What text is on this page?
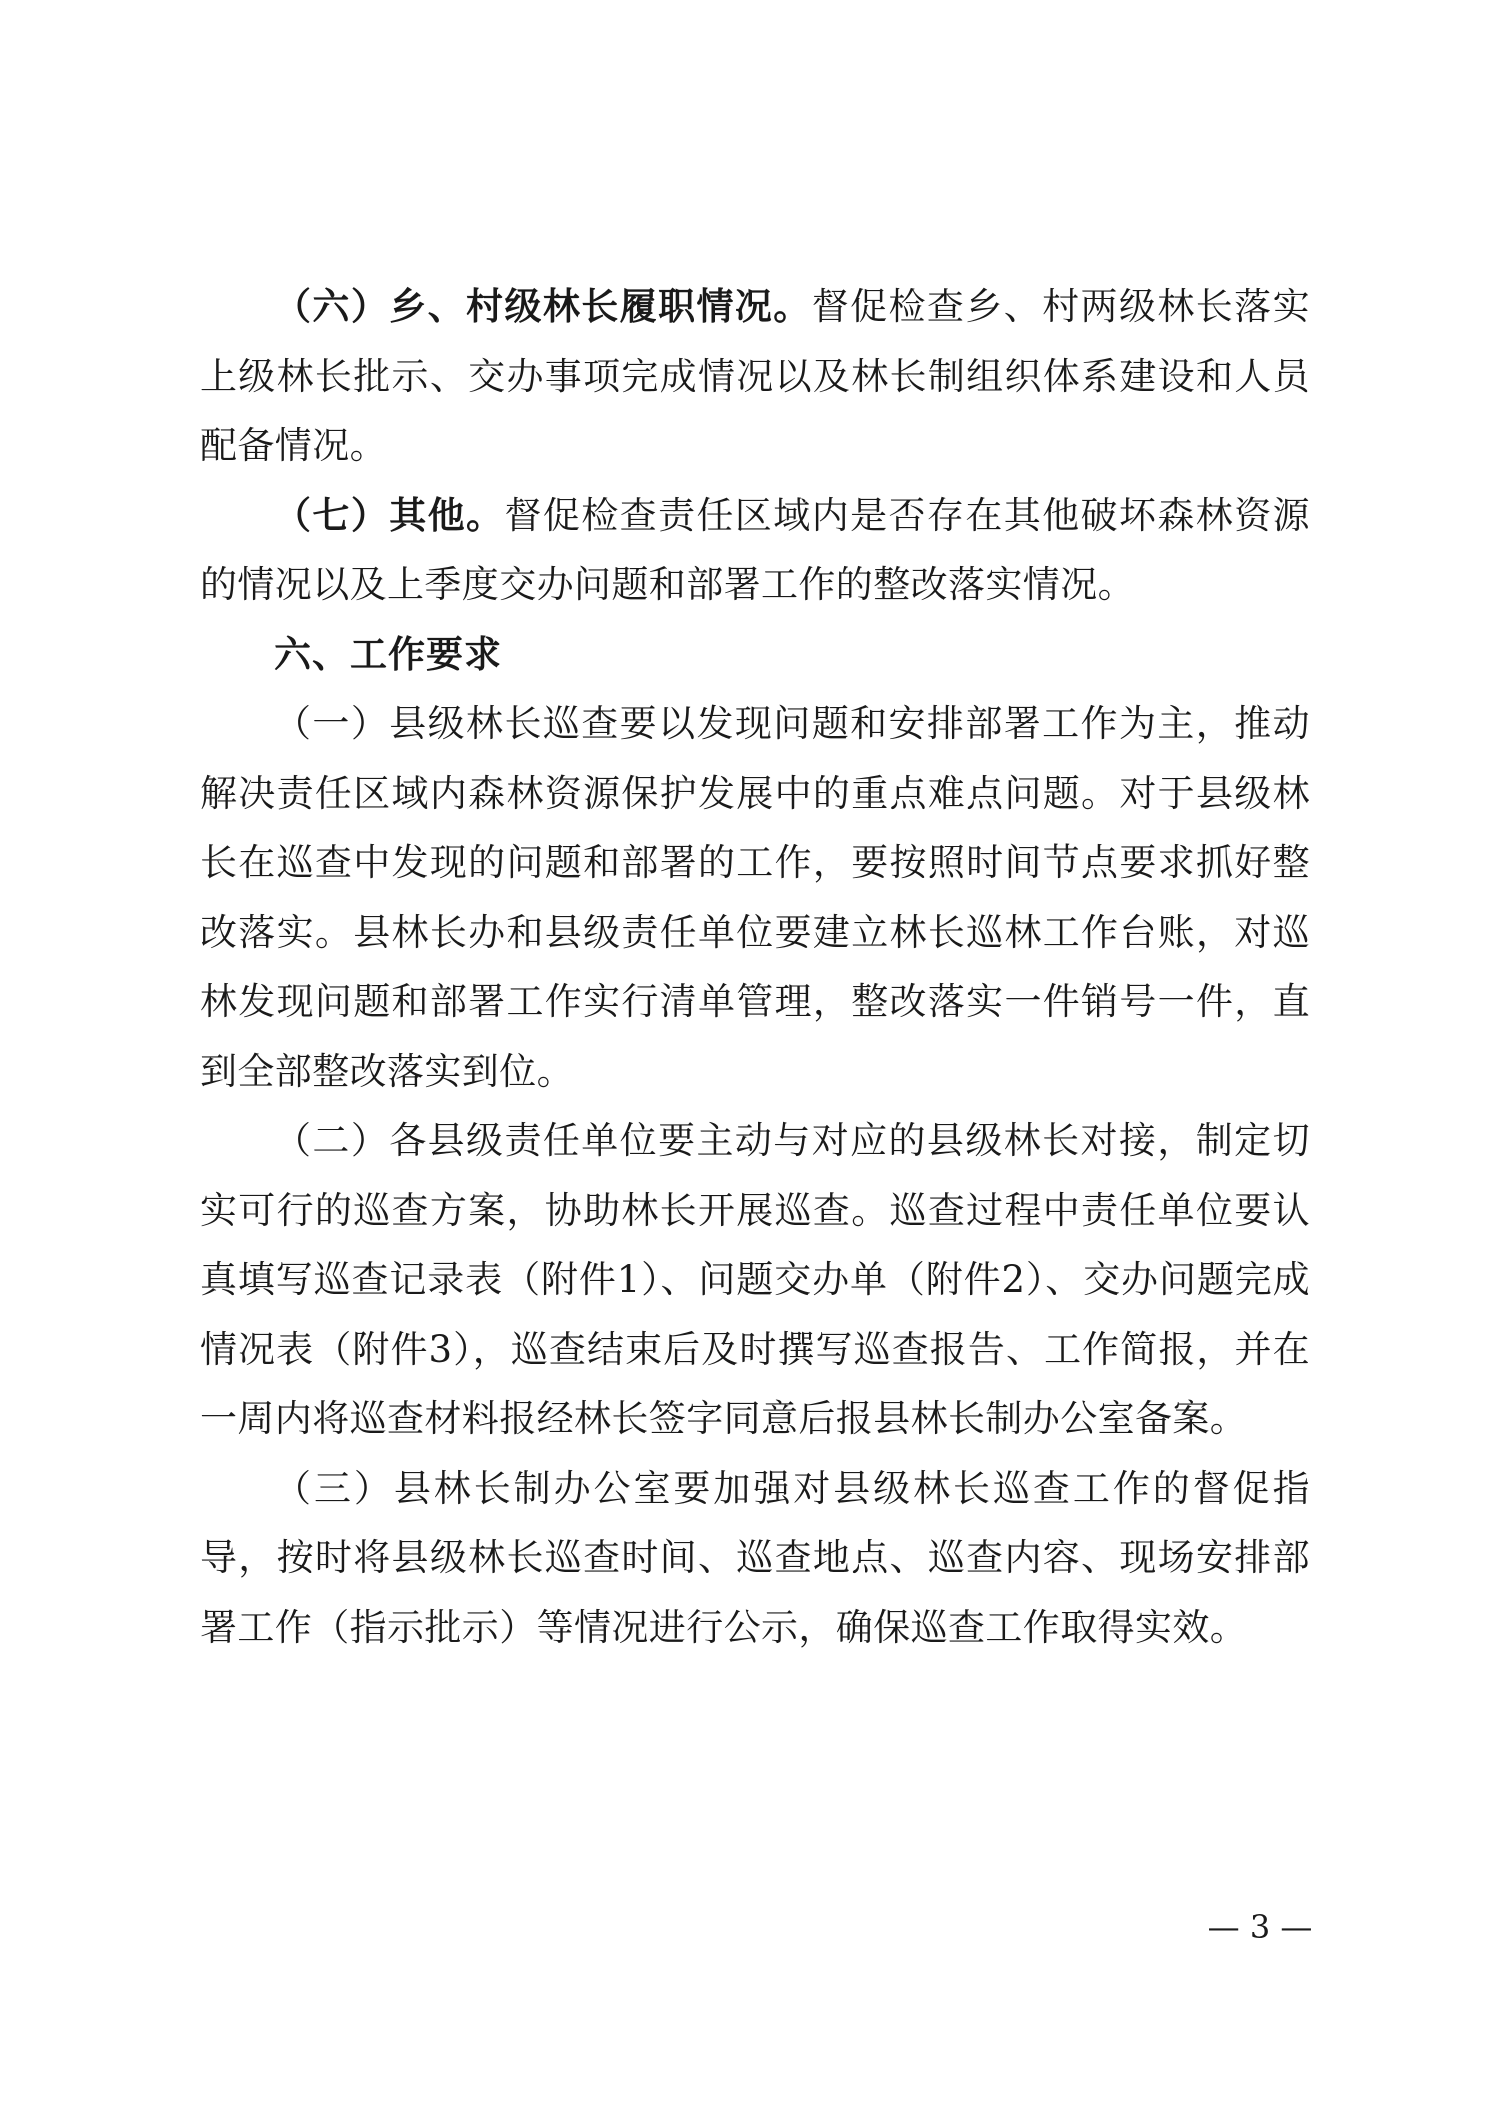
（六）乡、村级林长履职情况。督促检查乡、村两级林长落实上级林长批示、交办事项完成情况以及林长制组织体系建设和人员配备情况。

（七）其他。督促检查责任区域内是否存在其他破坏森林资源的情况以及上季度交办问题和部署工作的整改落实情况。

六、工作要求

（一）县级林长巡查要以发现问题和安排部署工作为主，推动解决责任区域内森林资源保护发展中的重点难点问题。对于县级林长在巡查中发现的问题和部署的工作，要按照时间节点要求抓好整改落实。县林长办和县级责任单位要建立林长巡林工作台账，对巡林发现问题和部署工作实行清单管理，整改落实一件销号一件，直到全部整改落实到位。

（二）各县级责任单位要主动与对应的县级林长对接，制定切实可行的巡查方案，协助林长开展巡查。巡查过程中责任单位要认真填写巡查记录表（附件1）、问题交办单（附件2）、交办问题完成情况表（附件3），巡查结束后及时撰写巡查报告、工作简报，并在一周内将巡查材料报经林长签字同意后报县林长制办公室备案。

（三）县林长制办公室要加强对县级林长巡查工作的督促指导，按时将县级林长巡查时间、巡查地点、巡查内容、现场安排部署工作（指示批示）等情况进行公示，确保巡查工作取得实效。

— 3 —
